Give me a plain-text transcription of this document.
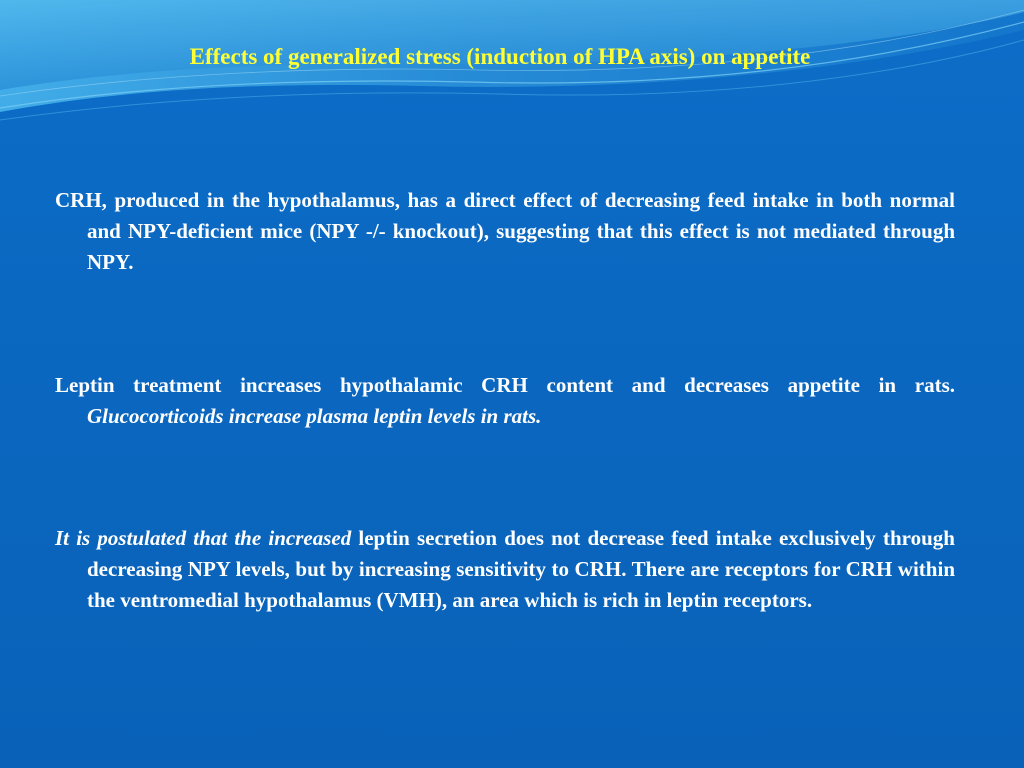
Effects of generalized stress (induction of HPA axis) on appetite

CRH, produced in the hypothalamus, has a direct effect of decreasing feed intake in both normal and NPY-deficient mice (NPY -/- knockout), suggesting that this effect is not mediated through NPY.

Leptin treatment increases hypothalamic CRH content and decreases appetite in rats. Glucocorticoids increase plasma leptin levels in rats.

It is postulated that the increased leptin secretion does not decrease feed intake exclusively through decreasing NPY levels, but by increasing sensitivity to CRH. There are receptors for CRH within the ventromedial hypothalamus (VMH), an area which is rich in leptin receptors.
